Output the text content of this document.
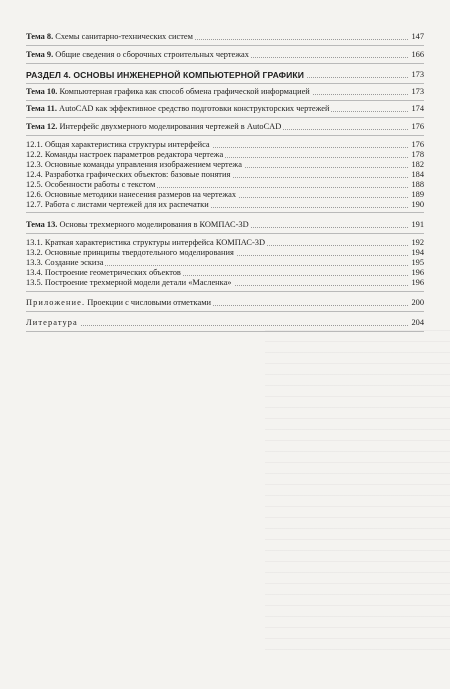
Тема 8. Схемы санитарно-технических систем	147
Тема 9. Общие сведения о сборочных строительных чертежах	166
РАЗДЕЛ 4. ОСНОВЫ ИНЖЕНЕРНОЙ КОМПЬЮТЕРНОЙ ГРАФИКИ	173
Тема 10. Компьютерная графика как способ обмена графической информацией	173
Тема 11. AutoCAD как эффективное средство подготовки конструкторских чертежей	174
Тема 12. Интерфейс двухмерного моделирования чертежей в AutoCAD	176
12.1. Общая характеристика структуры интерфейса	176
12.2. Команды настроек параметров редактора чертежа	178
12.3. Основные команды управления изображением чертежа	182
12.4. Разработка графических объектов: базовые понятия	184
12.5. Особенности работы с текстом	188
12.6. Основные методики нанесения размеров на чертежах	189
12.7. Работа с листами чертежей для их распечатки	190
Тема 13. Основы трехмерного моделирования в КОМПАС-3D	191
13.1. Краткая характеристика структуры интерфейса КОМПАС-3D	192
13.2. Основные принципы твердотельного моделирования	194
13.3. Создание эскиза	195
13.4. Построение геометрических объектов	196
13.5. Построение трехмерной модели детали «Масленка»	196
Приложение. Проекции с числовыми отметками	200
Литература	204
